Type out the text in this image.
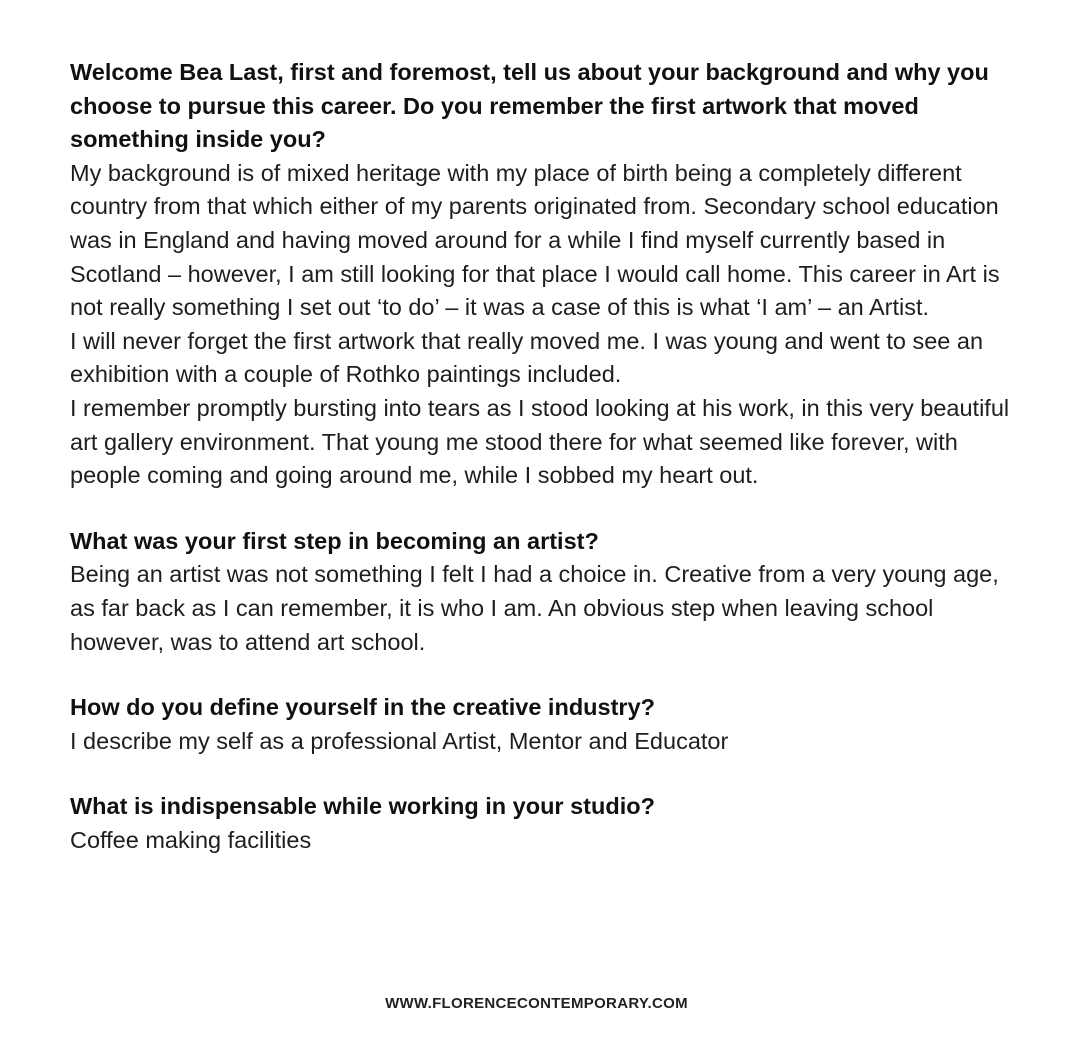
Welcome Bea Last, first and foremost, tell us about your background and why you choose to pursue this career. Do you remember the first artwork that moved something inside you?

My background is of mixed heritage with my place of birth being a completely different country from that which either of my parents originated from. Secondary school education was in England and having moved around for a while I find myself currently based in Scotland – however, I am still looking for that place I would call home. This career in Art is not really something I set out ‘to do’ – it was a case of this is what ‘I am’ – an Artist.
I will never forget the first artwork that really moved me. I was young and went to see an exhibition with a couple of Rothko paintings included.
I remember promptly bursting into tears as I stood looking at his work, in this very beautiful art gallery environment. That young me stood there for what seemed like forever, with people coming and going around me, while I sobbed my heart out.

What was your first step in becoming an artist?

Being an artist was not something I felt I had a choice in. Creative from a very young age, as far back as I can remember, it is who I am. An obvious step when leaving school however, was to attend art school.

How do you define yourself in the creative industry?

I describe my self as a professional Artist, Mentor and Educator

What is indispensable while working in your studio?

Coffee making facilities

WWW.FLORENCECONTEMPORARY.COM
